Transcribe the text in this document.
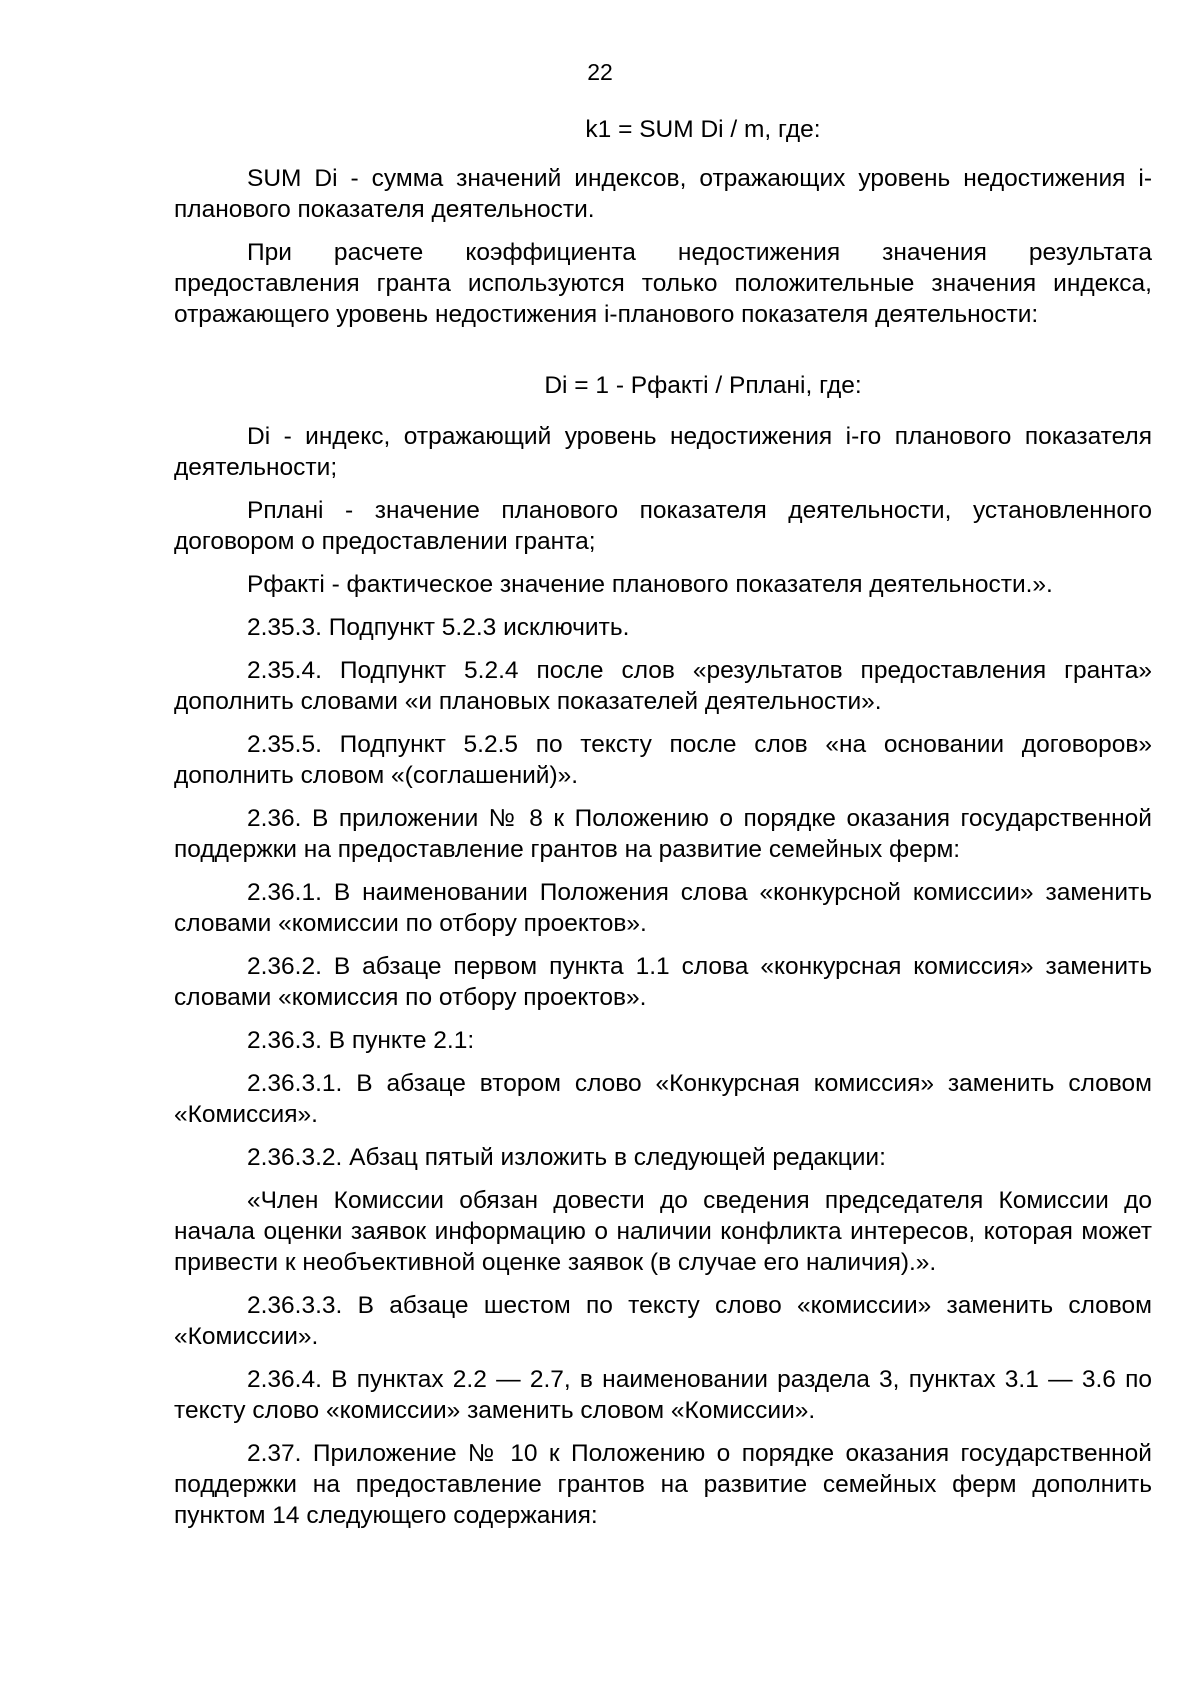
22

k1 = SUM Di / m, где:

SUM Di - сумма значений индексов, отражающих уровень недостижения i-планового показателя деятельности.

При расчете коэффициента недостижения значения результата предоставления гранта используются только положительные значения индекса, отражающего уровень недостижения i-планового показателя деятельности:

Di = 1 - Pфактi / Pпланi, где:

Di - индекс, отражающий уровень недостижения i-го планового показателя деятельности;

Pпланi - значение планового показателя деятельности, установленного договором о предоставлении гранта;

Pфактi - фактическое значение планового показателя деятельности.».

2.35.3. Подпункт 5.2.3 исключить.

2.35.4. Подпункт 5.2.4 после слов «результатов предоставления гранта» дополнить словами «и плановых показателей деятельности».

2.35.5. Подпункт 5.2.5 по тексту после слов «на основании договоров» дополнить словом «(соглашений)».

2.36. В приложении № 8 к Положению о порядке оказания государственной поддержки на предоставление грантов на развитие семейных ферм:

2.36.1. В наименовании Положения слова «конкурсной комиссии» заменить словами «комиссии по отбору проектов».

2.36.2. В абзаце первом пункта 1.1 слова «конкурсная комиссия» заменить словами «комиссия по отбору проектов».

2.36.3. В пункте 2.1:

2.36.3.1. В абзаце втором слово «Конкурсная комиссия» заменить словом «Комиссия».

2.36.3.2. Абзац пятый изложить в следующей редакции:

«Член Комиссии обязан довести до сведения председателя Комиссии до начала оценки заявок информацию о наличии конфликта интересов, которая может привести к необъективной оценке заявок (в случае его наличия).».

2.36.3.3. В абзаце шестом по тексту слово «комиссии» заменить словом «Комиссии».

2.36.4. В пунктах 2.2 — 2.7, в наименовании раздела 3, пунктах 3.1 — 3.6 по тексту слово «комиссии» заменить словом «Комиссии».

2.37. Приложение № 10 к Положению о порядке оказания государственной поддержки на предоставление грантов на развитие семейных ферм дополнить пунктом 14 следующего содержания:
